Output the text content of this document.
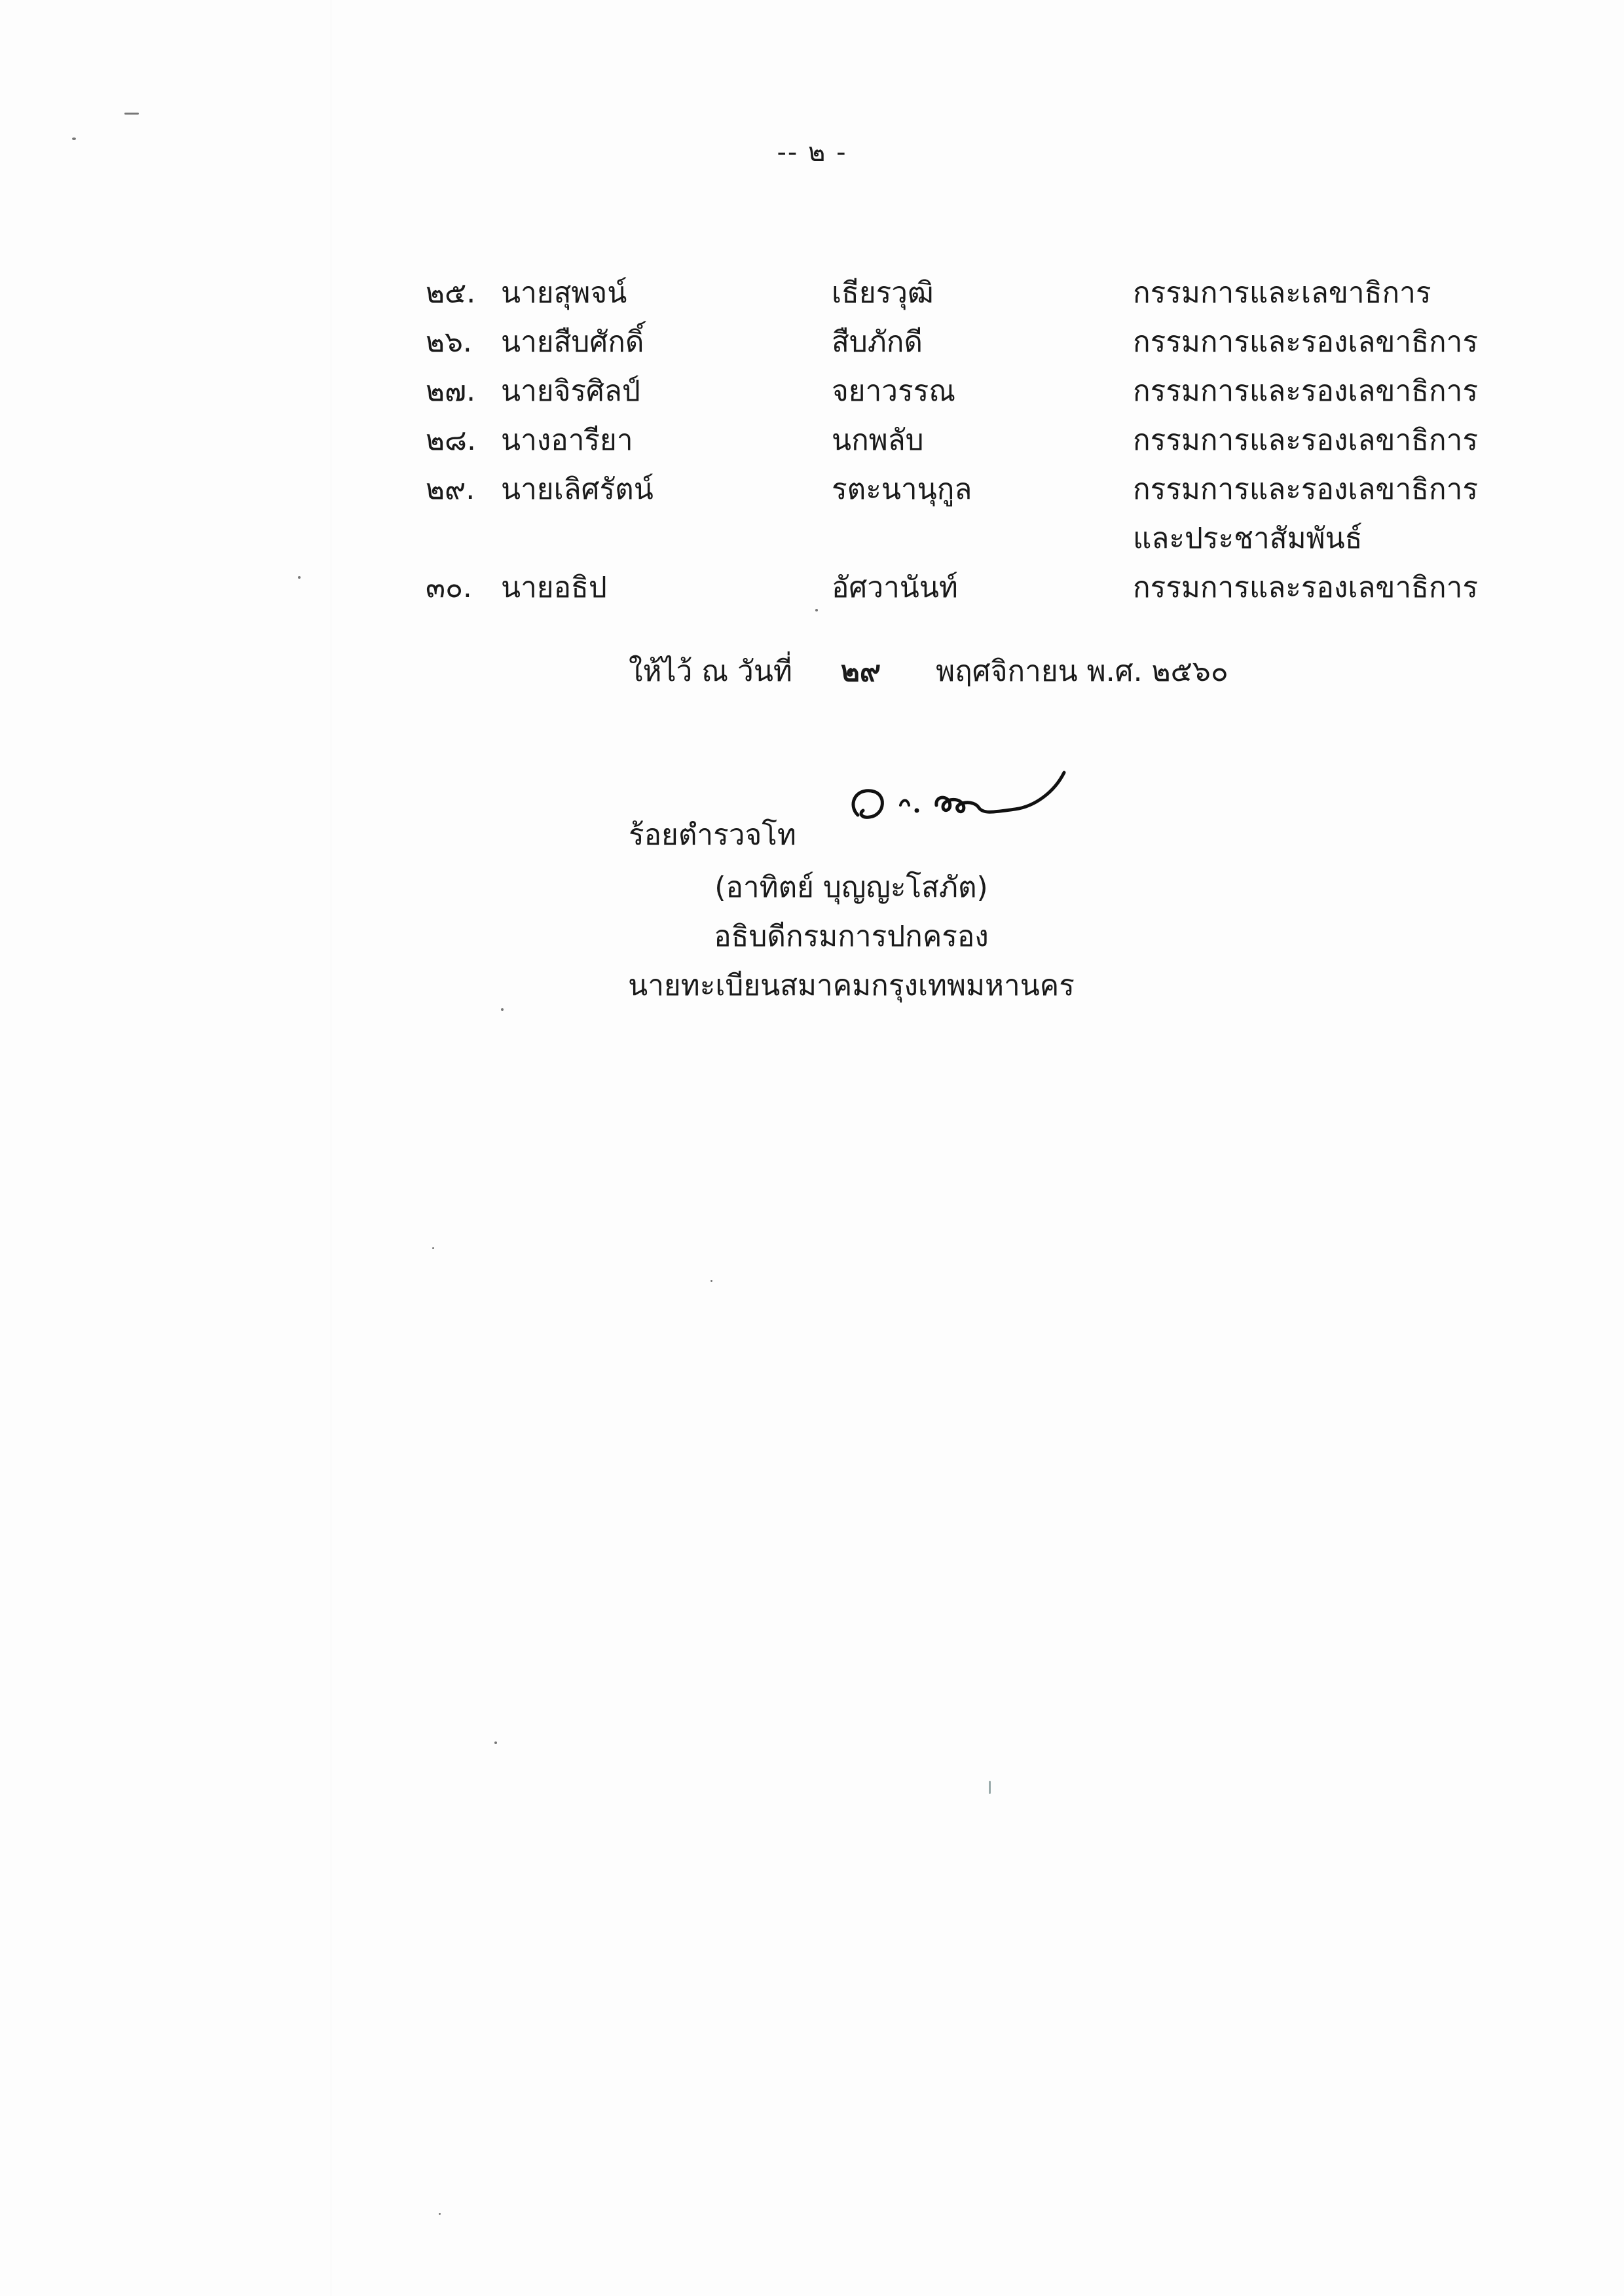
-- ๒ -
๒๕. นายสุพจน์	เธียรวุฒิ	กรรมการและเลขาธิการ
๒๖. นายสืบศักดิ์	สืบภักดี	กรรมการและรองเลขาธิการ
๒๗. นายจิรศิลป์	จยาวรรณ	กรรมการและรองเลขาธิการ
๒๘. นางอารียา	นกพลับ	กรรมการและรองเลขาธิการ
๒๙. นายเลิศรัตน์	รตะนานุกูล	กรรมการและรองเลขาธิการ
และประชาสัมพันธ์
๓๐. นายอธิป	อัศวานันท์	กรรมการและรองเลขาธิการ
ให้ไว้ ณ วันที่ ๒๙ พฤศจิกายน พ.ศ. ๒๕๖๐
ร้อยตำรวจโท
(อาทิตย์ บุญญะโสภัต)
อธิบดีกรมการปกครอง
นายทะเบียนสมาคมกรุงเทพมหานคร
